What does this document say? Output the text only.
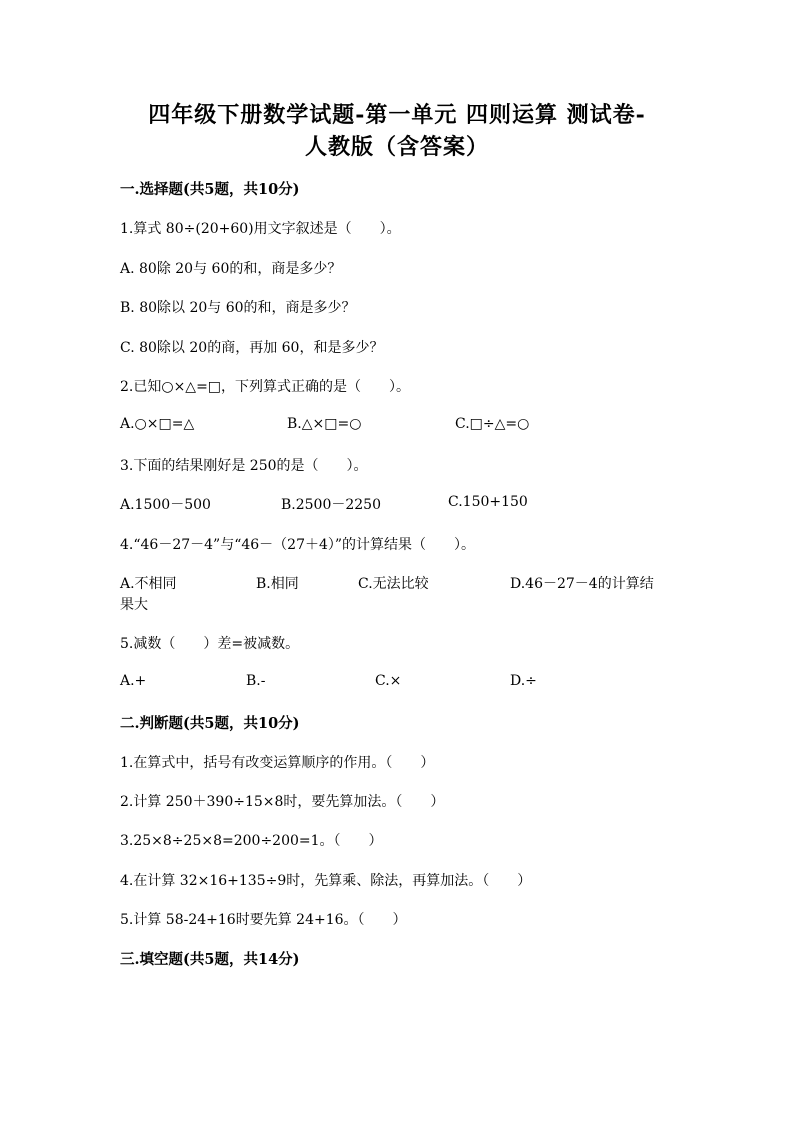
四年级下册数学试题-第一单元 四则运算 测试卷-
人教版（含答案）
一.选择题(共5题，共10分)
1.算式 80÷(20+60)用文字叙述是（　　）。
A. 80除 20与 60的和，商是多少？
B. 80除以 20与 60的和，商是多少？
C. 80除以 20的商，再加 60，和是多少？
2.已知○×△=□，下列算式正确的是（　　）。
A.○×□=△	B.△×□=○	C.□÷△=○
3.下面的结果刚好是 250的是（　　）。
A.1500－500	B.2500－2250	C.150+150
4.“46－27－4”与“46－（27＋4）”的计算结果（　　）。
A.不相同	B.相同	C.无法比较	D.46－27－4的计算结
果大
5.减数（　　）差=被减数。
A.+	B.-	C.×	D.÷
二.判断题(共5题，共10分)
1.在算式中，括号有改变运算顺序的作用。（　　）
2.计算 250＋390÷15×8时，要先算加法。（　　）
3.25×8÷25×8=200÷200=1。（　　）
4.在计算 32×16+135÷9时，先算乘、除法，再算加法。（　　）
5.计算 58-24+16时要先算 24+16。（　　）
三.填空题(共5题，共14分)
